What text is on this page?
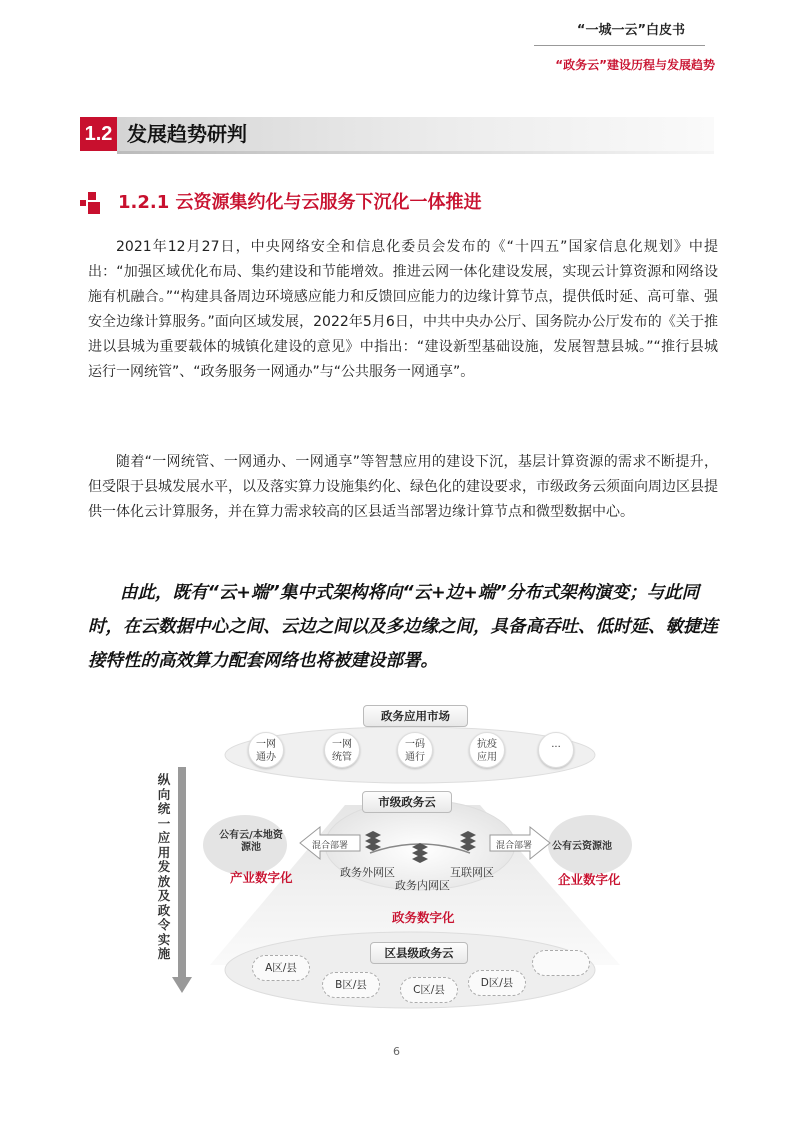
“一城一云”白皮书
“政务云”建设历程与发展趋势
1.2 发展趋势研判
1.2.1 云资源集约化与云服务下沉化一体推进

2021年12月27日，中央网络安全和信息化委员会发布的《“十四五”国家信息化规划》中提出：“加强区域优化布局、集约建设和节能增效。推进云网一体化建设发展，实现云计算资源和网络设施有机融合。”“构建具备周边环境感应能力和反馈回应能力的边缘计算节点，提供低时延、高可靠、强安全边缘计算服务。”面向区域发展，2022年5月6日，中共中央办公厅、国务院办公厅发布的《关于推进以县城为重要载体的城镇化建设的意见》中指出：“建设新型基础设施，发展智慧县城。”“推行县城运行一网统管”、“政务服务一网通办”与“公共服务一网通享”。

随着“一网统管、一网通办、一网通享”等智慧应用的建设下沉，基层计算资源的需求不断提升，但受限于县城发展水平，以及落实算力设施集约化、绿色化的建设要求，市级政务云须面向周边区县提供一体化云计算服务，并在算力需求较高的区县适当部署边缘计算节点和微型数据中心。

由此，既有“云+端”集中式架构将向“云+边+端”分布式架构演变；与此同时，在云数据中心之间、云边之间以及多边缘之间，具备高吞吐、低时延、敏捷连接特性的高效算力配套网络也将被建设部署。

纵向统一应用发放及政令实施
政务应用市场
一网
通办
一网
统管
一码
通行
抗疫
应用
...
市级政务云
公有云/本地资源池	公有云资源池
混合部署	混合部署
政务外网区
政务内网区
互联网区
产业数字化	企业数字化
政务数字化
区县级政务云
A区/县
B区/县	C区/县
D区/县
6
